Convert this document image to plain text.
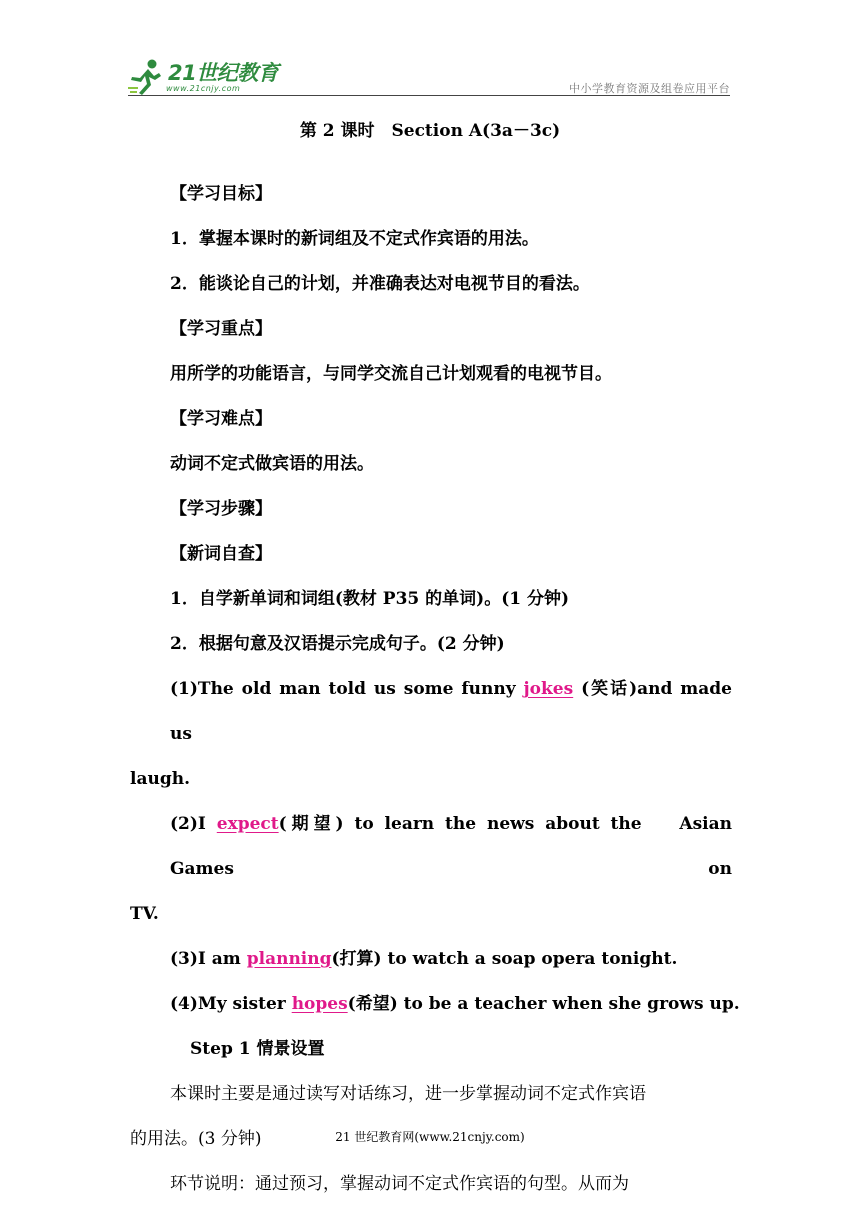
21世纪教育
www.21cnjy.com	中小学教育资源及组卷应用平台
第 2 课时　Section A(3a－3c)

【学习目标】

1．掌握本课时的新词组及不定式作宾语的用法。

2．能谈论自己的计划，并准确表达对电视节目的看法。

【学习重点】

用所学的功能语言，与同学交流自己计划观看的电视节目。

【学习难点】

动词不定式做宾语的用法。

【学习步骤】

【新词自查】

1．自学新单词和词组(教材 P35 的单词)。(1 分钟)

2．根据句意及汉语提示完成句子。(2 分钟)

(1)The old man told us some funny jokes (笑话)and made us

laugh.

(2)I expect(期望) to learn the news about the　 Asian Games on

TV.

(3)I am planning(打算) to watch a soap opera tonight.

(4)My sister hopes(希望) to be a teacher when she grows up.

Step 1 情景设置

本课时主要是通过读写对话练习，进一步掌握动词不定式作宾语

的用法。(3 分钟)

环节说明：通过预习，掌握动词不定式作宾语的句型。从而为

21 世纪教育网(www.21cnjy.com)
